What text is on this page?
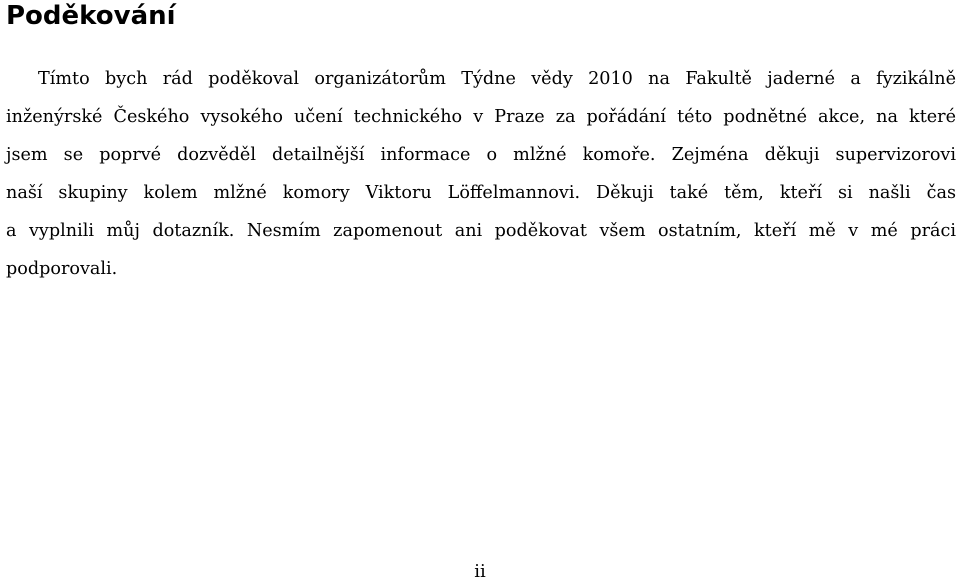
Poděkování
Tímto bych rád poděkoval organizátorům Týdne vědy 2010 na Fakultě jaderné a fyzikálně
inženýrské Českého vysokého učení technického v Praze za pořádání této podnětné akce, na které
jsem se poprvé dozvěděl detailnější informace o mlžné komoře. Zejména děkuji supervizorovi
naší skupiny kolem mlžné komory Viktoru Löffelmannovi. Děkuji také těm, kteří si našli čas
a vyplnili můj dotazník. Nesmím zapomenout ani poděkovat všem ostatním, kteří mě v mé práci
podporovali.
ii
